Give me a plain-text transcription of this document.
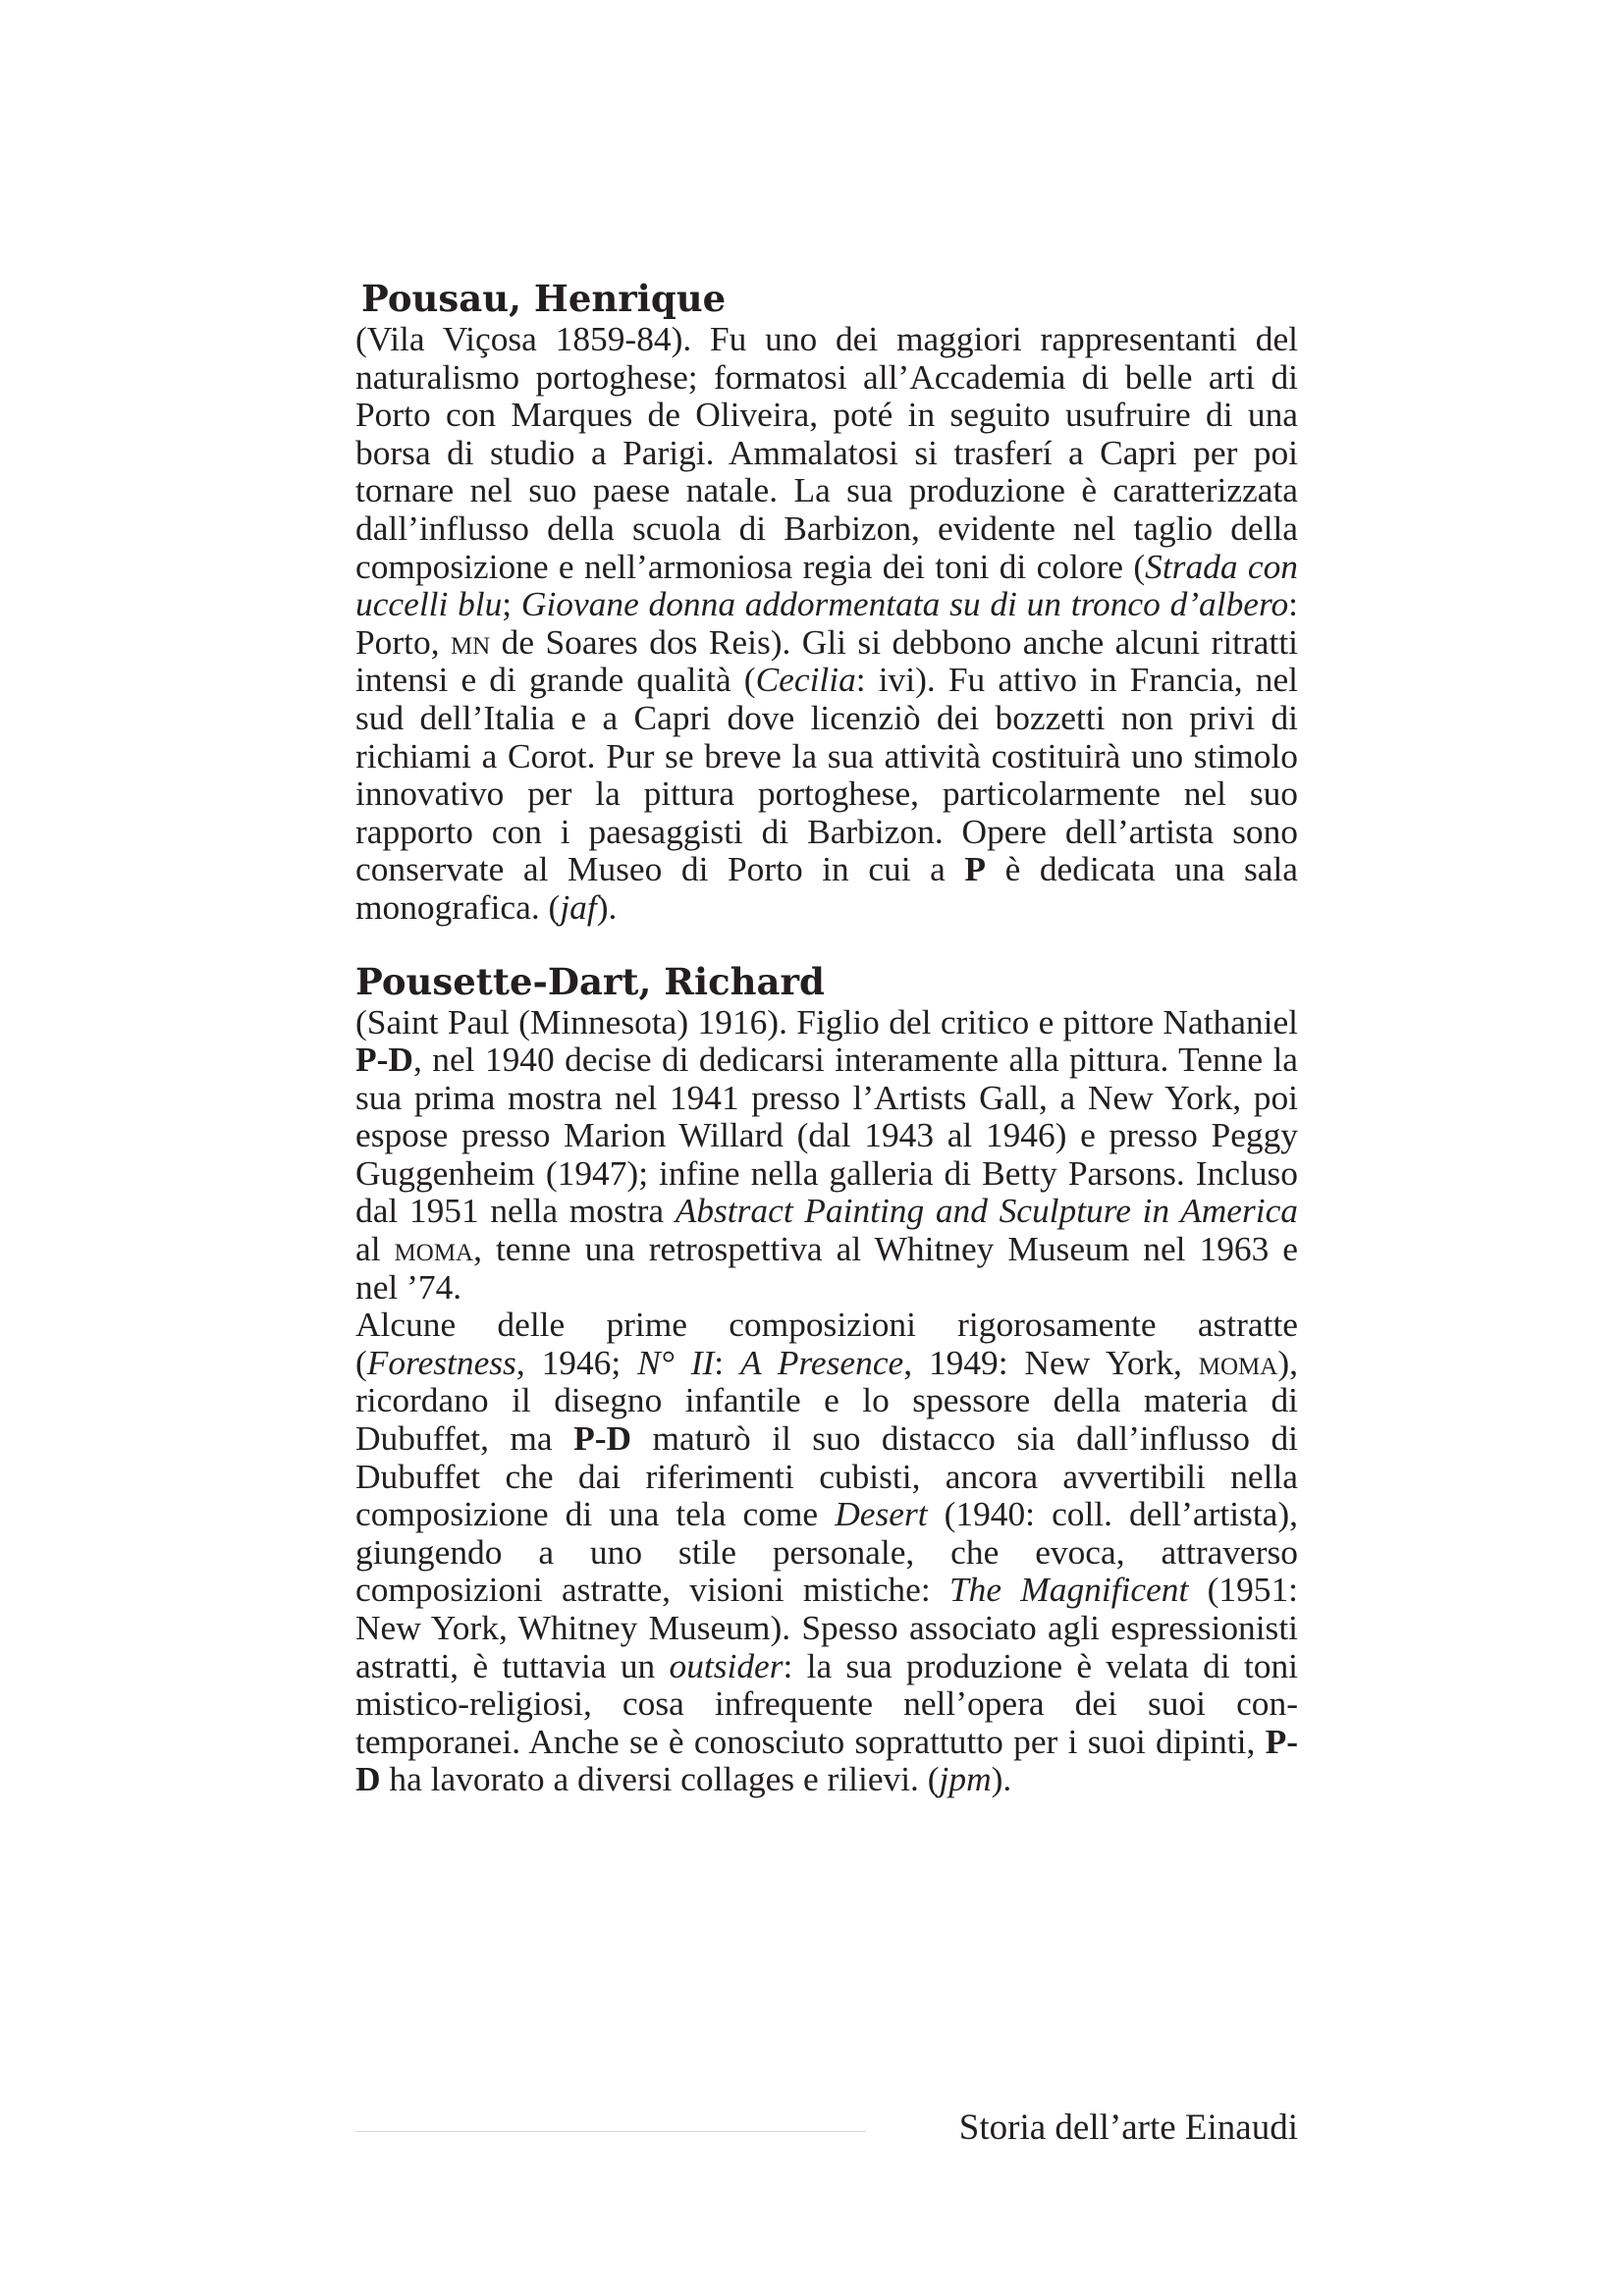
Pousau, Henrique

(Vila Viçosa 1859-84). Fu uno dei maggiori rappresentanti del naturalismo portoghese; formatosi all’Accademia di belle arti di Porto con Marques de Oliveira, poté in seguito usufruire di una borsa di studio a Parigi. Ammalatosi si trasferí a Capri per poi tornare nel suo paese natale. La sua produzione è caratterizzata dall’influsso della scuola di Barbizon, evidente nel taglio della composizione e nell’armoniosa regia dei toni di colore (Strada con uccelli blu; Giovane donna addormentata su di un tronco d’albero: Porto, mn de Soares dos Reis). Gli si debbono anche alcuni ritratti intensi e di grande qualità (Cecilia: ivi). Fu attivo in Francia, nel sud dell’Italia e a Capri dove licenziò dei bozzetti non privi di richiami a Corot. Pur se breve la sua attività costituirà uno stimolo innovativo per la pittura portoghese, particolarmente nel suo rapporto con i paesaggisti di Barbizon. Opere dell’artista sono conservate al Museo di Porto in cui a P è dedicata una sala monografica. (jaf).

Pousette-Dart, Richard

(Saint Paul (Minnesota) 1916). Figlio del critico e pittore Nathaniel P-D, nel 1940 decise di dedicarsi interamente alla pittura. Tenne la sua prima mostra nel 1941 presso l’Artists Gall, a New York, poi espose presso Marion Willard (dal 1943 al 1946) e presso Peggy Guggenheim (1947); infine nella galleria di Betty Parsons. Incluso dal 1951 nella mostra Abstract Painting and Sculpture in America al moma, tenne una retrospettiva al Whitney Museum nel 1963 e nel ’74.

Alcune delle prime composizioni rigorosamente astratte (Forestness, 1946; N° II: A Presence, 1949: New York, moma), ricordano il disegno infantile e lo spessore della materia di Dubuffet, ma P-D maturò il suo distacco sia dall’influsso di Dubuffet che dai riferimenti cubisti, ancora avvertibili nella composizione di una tela come Desert (1940: coll. dell’artista), giungendo a uno stile personale, che evoca, attraverso composizioni astratte, visioni mistiche: The Magnificent (1951: New York, Whitney Museum). Spesso associato agli espressionisti astratti, è tuttavia un outsider: la sua produzione è velata di toni mistico-religiosi, cosa infrequente nell’opera dei suoi contemporanei. Anche se è conosciuto soprattutto per i suoi dipinti, P-D ha lavorato a diversi collages e rilievi. (jpm).

Storia dell’arte Einaudi
